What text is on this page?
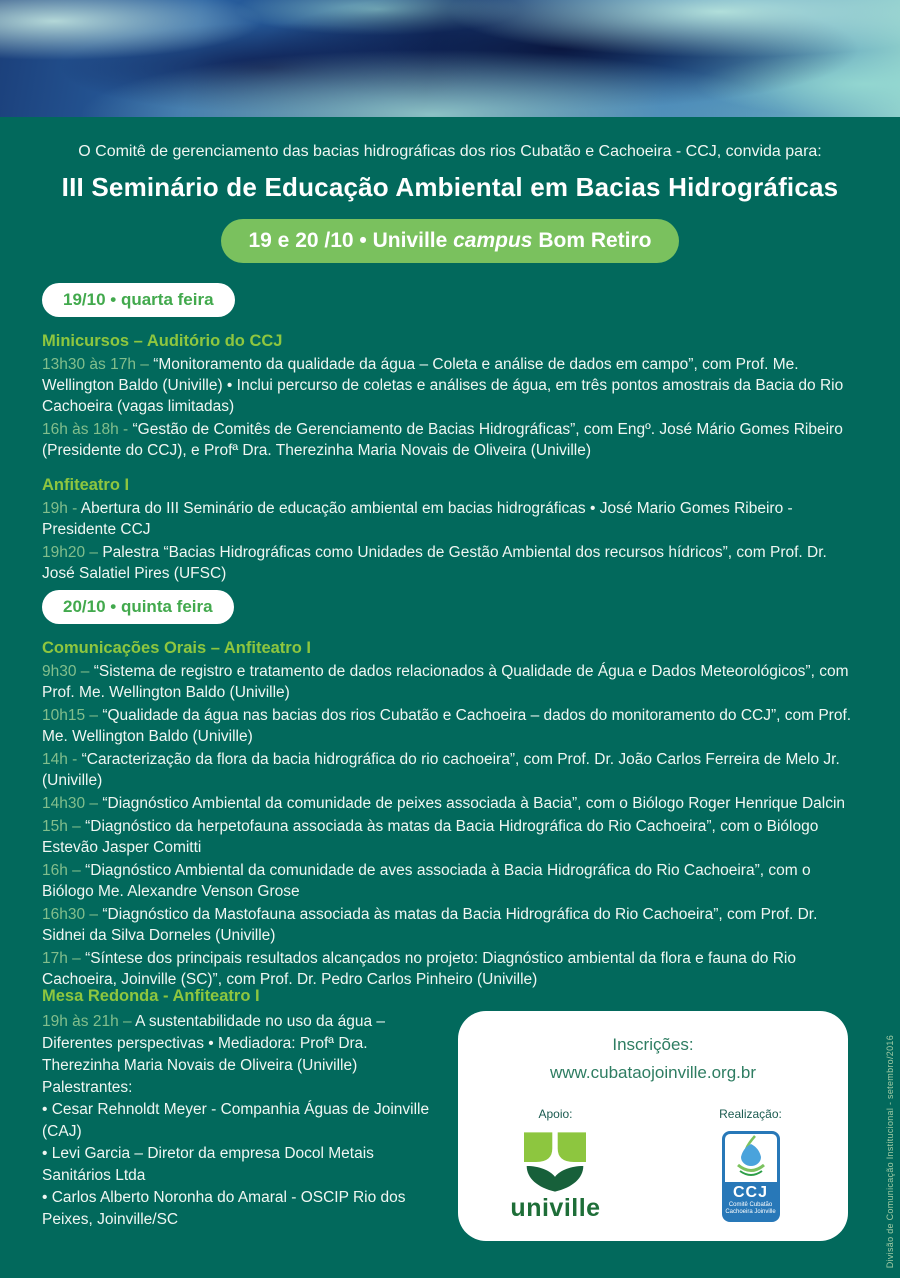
O Comitê de gerenciamento das bacias hidrográficas dos rios Cubatão e Cachoeira - CCJ, convida para:

III Seminário de Educação Ambiental em Bacias Hidrográficas
19 e 20 /10 • Univille campus Bom Retiro
19/10 • quarta feira
Minicursos – Auditório do CCJ

13h30 às 17h – “Monitoramento da qualidade da água – Coleta e análise de dados em campo”, com Prof. Me. Wellington Baldo (Univille) • Inclui percurso de coletas e análises de água, em três pontos amostrais da Bacia do Rio Cachoeira (vagas limitadas)

16h às 18h - “Gestão de Comitês de Gerenciamento de Bacias Hidrográficas”, com Engº. José Mário Gomes Ribeiro (Presidente do CCJ), e Profª Dra. Therezinha Maria Novais de Oliveira (Univille)

Anfiteatro I

19h - Abertura do III Seminário de educação ambiental em bacias hidrográficas • José Mario Gomes Ribeiro - Presidente CCJ

19h20 – Palestra “Bacias Hidrográficas como Unidades de Gestão Ambiental dos recursos hídricos”, com Prof. Dr. José Salatiel Pires (UFSC)

20/10 • quinta feira
Comunicações Orais – Anfiteatro I

9h30 – “Sistema de registro e tratamento de dados relacionados à Qualidade de Água e Dados Meteorológicos”, com Prof. Me. Wellington Baldo (Univille)

10h15 – “Qualidade da água nas bacias dos rios Cubatão e Cachoeira – dados do monitoramento do CCJ”, com Prof. Me. Wellington Baldo (Univille)

14h - “Caracterização da flora da bacia hidrográfica do rio cachoeira”, com Prof. Dr. João Carlos Ferreira de Melo Jr. (Univille)

14h30 – “Diagnóstico Ambiental da comunidade de peixes associada à Bacia”, com o Biólogo Roger Henrique Dalcin

15h – “Diagnóstico da herpetofauna associada às matas da Bacia Hidrográfica do Rio Cachoeira”, com o Biólogo Estevão Jasper Comitti

16h – “Diagnóstico Ambiental da comunidade de aves associada à Bacia Hidrográfica do Rio Cachoeira”, com o Biólogo Me. Alexandre Venson Grose

16h30 – “Diagnóstico da Mastofauna associada às matas da Bacia Hidrográfica do Rio Cachoeira”, com Prof. Dr. Sidnei da Silva Dorneles (Univille)

17h – “Síntese dos principais resultados alcançados no projeto: Diagnóstico ambiental da flora e fauna do Rio Cachoeira, Joinville (SC)”, com Prof. Dr. Pedro Carlos Pinheiro (Univille)

Mesa Redonda - Anfiteatro I

19h às 21h – A sustentabilidade no uso da água – Diferentes perspectivas • Mediadora: Profª Dra. Therezinha Maria Novais de Oliveira (Univille)

Palestrantes:

• Cesar Rehnoldt Meyer - Companhia Águas de Joinville (CAJ)

• Levi Garcia – Diretor da empresa Docol Metais Sanitários Ltda

• Carlos Alberto Noronha do Amaral - OSCIP Rio dos Peixes, Joinville/SC

Inscrições:

www.cubataojoinville.org.br
Apoio:	Realização:
univille
CCJ
Comitê Cubatão
Cachoeira Joinville	Divisão de Comunicação Institucional - setembro/2016
